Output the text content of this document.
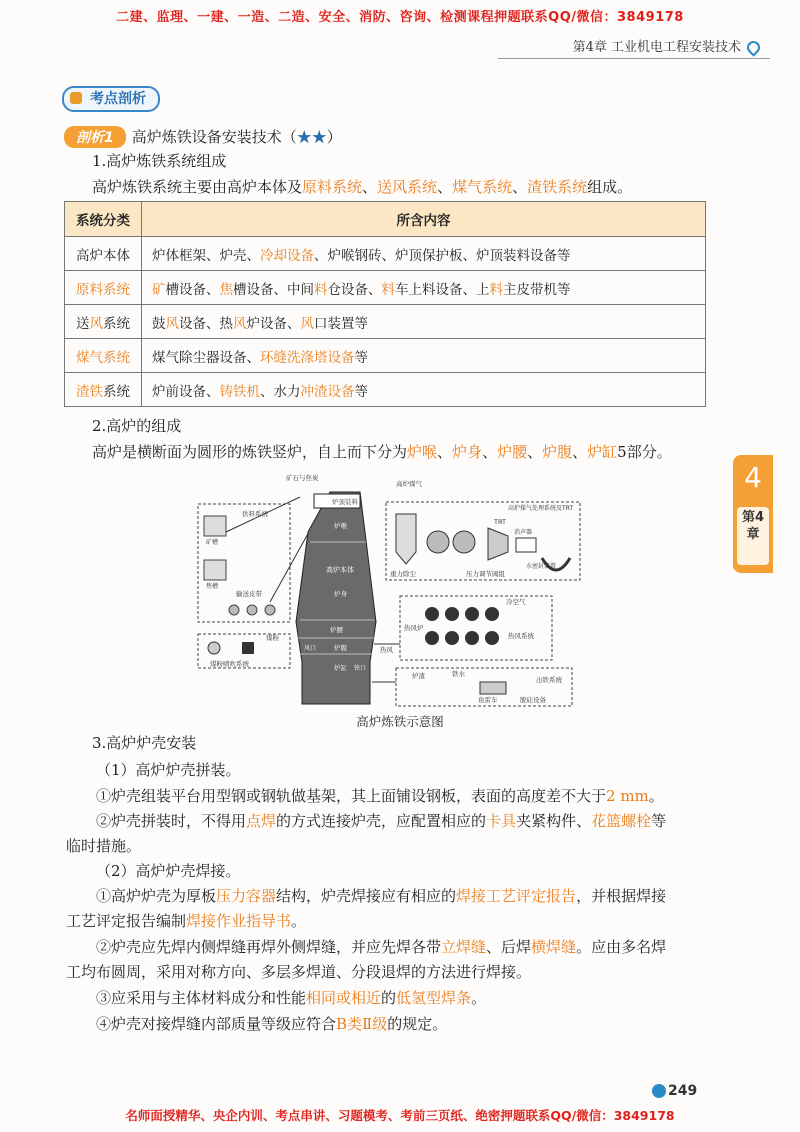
二建、监理、一建、一造、二造、安全、消防、咨询、检测课程押题联系QQ/微信：3849178
第4章 工业机电工程安装技术
考点剖析
剖析1 高炉炼铁设备安装技术（★★）
1.高炉炼铁系统组成
高炉炼铁系统主要由高炉本体及原料系统、送风系统、煤气系统、渣铁系统组成。
系统分类	所含内容
高炉本体	炉体框架、炉壳、冷却设备、炉喉钢砖、炉顶保护板、炉顶装料设备等
原料系统	矿槽设备、焦槽设备、中间料仓设备、料车上料设备、上料主皮带机等
送风系统	鼓风设备、热风炉设备、风口装置等
煤气系统	煤气除尘器设备、环缝洗涤塔设备等
渣铁系统	炉前设备、铸铁机、水力冲渣设备等
2.高炉的组成
高炉是横断面为圆形的炼铁竖炉，自上而下分为炉喉、炉身、炉腰、炉腹、炉缸5部分。
4
第4章
矿石与焦炭
高炉煤气
供料系统
炉顶装料
重力除尘
TRT
高炉煤气处理系统及TRT
水密封装置
消声器
矿槽
焦槽
输送皮带
炉喉
高炉本体
炉身
炉腰
炉腹
炉缸
风口
铁口
压力调节阀组
冷空气
热风炉
热风系统
热风
煤粉
煤粉喷吹系统
炉渣	铁水
鱼雷车
出铁系统
脱硅设备
高炉炼铁示意图
3.高炉炉壳安装
（1）高炉炉壳拼装。
①炉壳组装平台用型钢或钢轨做基架，其上面铺设钢板，表面的高度差不大于2 mm。
②炉壳拼装时，不得用点焊的方式连接炉壳，应配置相应的卡具夹紧构件、花篮螺栓等
临时措施。
（2）高炉炉壳焊接。
①高炉炉壳为厚板压力容器结构，炉壳焊接应有相应的焊接工艺评定报告，并根据焊接
工艺评定报告编制焊接作业指导书。
②炉壳应先焊内侧焊缝再焊外侧焊缝，并应先焊各带立焊缝、后焊横焊缝。应由多名焊
工均布圆周，采用对称方向、多层多焊道、分段退焊的方法进行焊接。
③应采用与主体材料成分和性能相同或相近的低氢型焊条。
④炉壳对接焊缝内部质量等级应符合B类Ⅱ级的规定。
249
名师面授精华、央企内训、考点串讲、习题模考、考前三页纸、绝密押题联系QQ/微信：3849178
